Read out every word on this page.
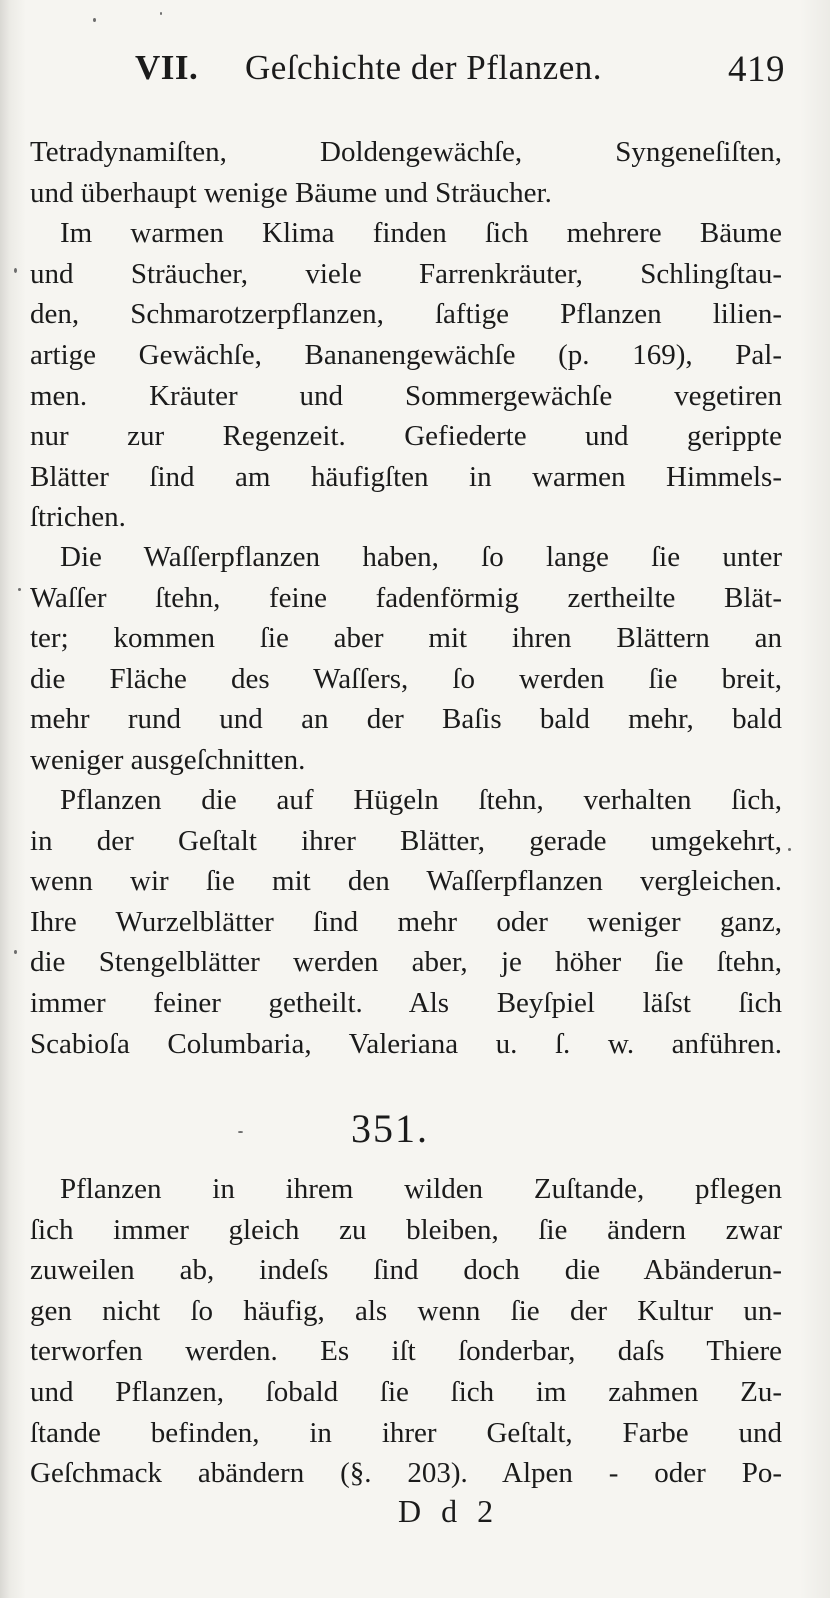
VII. Geſchichte der Pflanzen.	419
Tetradynamiſten, Doldengewächſe, Syngeneſiſten,
und überhaupt wenige Bäume und Sträucher.
Im warmen Klima finden ſich mehrere Bäume
und Sträucher, viele Farrenkräuter, Schlingſtau-
den, Schmarotzerpflanzen, ſaftige Pflanzen lilien-
artige Gewächſe, Bananengewächſe (p. 169), Pal-
men. Kräuter und Sommergewächſe vegetiren
nur zur Regenzeit. Gefiederte und gerippte
Blätter ſind am häufigſten in warmen Himmels-
ſtrichen.
Die Waſſerpflanzen haben, ſo lange ſie unter
Waſſer ſtehn, feine fadenförmig zertheilte Blät-
ter; kommen ſie aber mit ihren Blättern an
die Fläche des Waſſers, ſo werden ſie breit,
mehr rund und an der Baſis bald mehr, bald
weniger ausgeſchnitten.
Pflanzen die auf Hügeln ſtehn, verhalten ſich,
in der Geſtalt ihrer Blätter, gerade umgekehrt,
wenn wir ſie mit den Waſſerpflanzen vergleichen.
Ihre Wurzelblätter ſind mehr oder weniger ganz,
die Stengelblätter werden aber, je höher ſie ſtehn,
immer feiner getheilt. Als Beyſpiel läſst ſich
Scabioſa Columbaria, Valeriana u. ſ. w. anführen.
351.
Pflanzen in ihrem wilden Zuſtande, pflegen
ſich immer gleich zu bleiben, ſie ändern zwar
zuweilen ab, indeſs ſind doch die Abänderun-
gen nicht ſo häufig, als wenn ſie der Kultur un-
terworfen werden. Es iſt ſonderbar, daſs Thiere
und Pflanzen, ſobald ſie ſich im zahmen Zu-
ſtande befinden, in ihrer Geſtalt, Farbe und
Geſchmack abändern (§. 203). Alpen - oder Po-
D d 2
